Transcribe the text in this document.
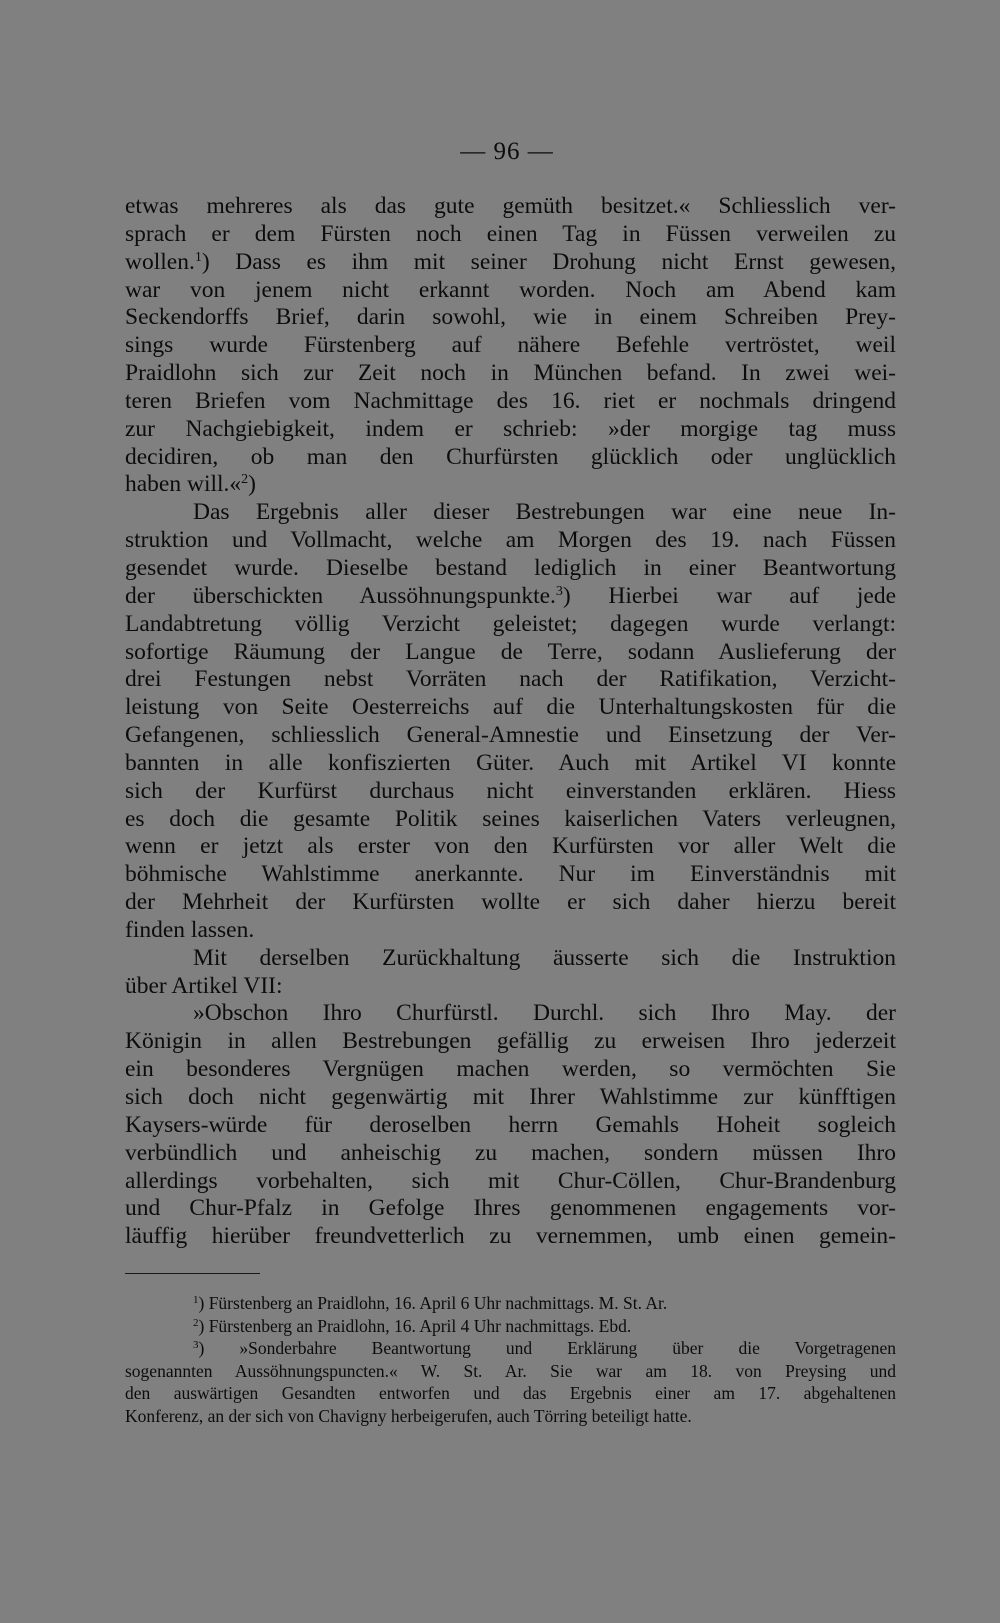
— 96 —
etwas mehreres als das gute gemüth besitzet.« Schliesslich ver-
sprach er dem Fürsten noch einen Tag in Füssen verweilen zu
wollen.$^1$) Dass es ihm mit seiner Drohung nicht Ernst gewesen,
war von jenem nicht erkannt worden. Noch am Abend kam
Seckendorffs Brief, darin sowohl, wie in einem Schreiben Prey-
sings wurde Fürstenberg auf nähere Befehle vertröstet, weil
Praidlohn sich zur Zeit noch in München befand. In zwei wei-
teren Briefen vom Nachmittage des 16. riet er nochmals dringend
zur Nachgiebigkeit, indem er schrieb: »der morgige tag muss
decidiren, ob man den Churfürsten glücklich oder unglücklich
haben will.«$^2$)
Das Ergebnis aller dieser Bestrebungen war eine neue In-
struktion und Vollmacht, welche am Morgen des 19. nach Füssen
gesendet wurde. Dieselbe bestand lediglich in einer Beantwortung
der überschickten Aussöhnungspunkte.$^3$) Hierbei war auf jede
Landabtretung völlig Verzicht geleistet; dagegen wurde verlangt:
sofortige Räumung der Langue de Terre, sodann Auslieferung der
drei Festungen nebst Vorräten nach der Ratifikation, Verzicht-
leistung von Seite Oesterreichs auf die Unterhaltungskosten für die
Gefangenen, schliesslich General-Amnestie und Einsetzung der Ver-
bannten in alle konfiszierten Güter. Auch mit Artikel VI konnte
sich der Kurfürst durchaus nicht einverstanden erklären. Hiess
es doch die gesamte Politik seines kaiserlichen Vaters verleugnen,
wenn er jetzt als erster von den Kurfürsten vor aller Welt die
böhmische Wahlstimme anerkannte. Nur im Einverständnis mit
der Mehrheit der Kurfürsten wollte er sich daher hierzu bereit
finden lassen.
Mit derselben Zurückhaltung äusserte sich die Instruktion
über Artikel VII:
»Obschon Ihro Churfürstl. Durchl. sich Ihro May. der
Königin in allen Bestrebungen gefällig zu erweisen Ihro jederzeit
ein besonderes Vergnügen machen werden, so vermöchten Sie
sich doch nicht gegenwärtig mit Ihrer Wahlstimme zur künfftigen
Kaysers-würde für deroselben herrn Gemahls Hoheit sogleich
verbündlich und anheischig zu machen, sondern müssen Ihro
allerdings vorbehalten, sich mit Chur-Cöllen, Chur-Brandenburg
und Chur-Pfalz in Gefolge Ihres genommenen engagements vor-
läuffig hierüber freundvetterlich zu vernemmen, umb einen gemein-
$^1$) Fürstenberg an Praidlohn, 16. April 6 Uhr nachmittags. M. St. Ar.
$^2$) Fürstenberg an Praidlohn, 16. April 4 Uhr nachmittags. Ebd.
$^3$) »Sonderbahre Beantwortung und Erklärung über die Vorgetragenen
sogenannten Aussöhnungspuncten.« W. St. Ar. Sie war am 18. von Preysing und
den auswärtigen Gesandten entworfen und das Ergebnis einer am 17. abgehaltenen
Konferenz, an der sich von Chavigny herbeigerufen, auch Törring beteiligt hatte.
